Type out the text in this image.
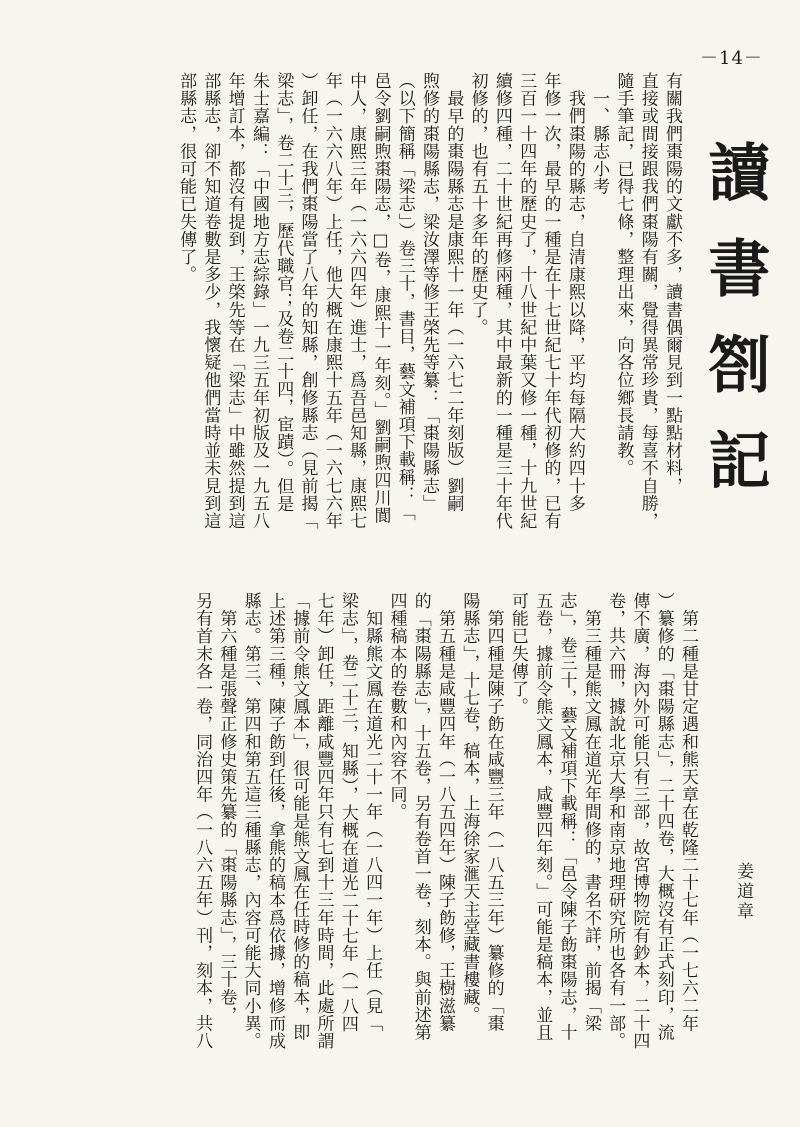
－14－
讀書劄記
姜道章
有關我們棗陽的文獻不多，讀書偶爾見到一點點材料，
直接或間接跟我們棗陽有關，覺得異常珍貴，每喜不自勝，
隨手筆記，已得七條，整理出來，向各位鄉長請教。
　一、縣志小考
　我們棗陽的縣志，自清康熙以降，平均每隔大約四十多
年修一次，最早的一種是在十七世紀七十年代初修的，已有
三百一十四年的歷史了，十八世紀中葉又修一種，十九世紀
續修四種，二十世紀再修兩種，其中最新的一種是三十年代
初修的，也有五十多年的歷史了。
　最早的棗陽縣志是康熙十一年（一六七二年刻版）劉嗣
煦修的棗陽縣志，梁汝澤等修王棨先等纂：「棗陽縣志」
（以下簡稱「梁志」）卷三十，書目，藝文補項下載稱：「
邑令劉嗣煦棗陽志，□卷，康熙十一年刻。」劉嗣煦四川閬
中人，康熙三年（一六六四年）進士，爲吾邑知縣，康熙七
年（一六六八年）上任，他大概在康熙十五年（一六七六年
）卸任，在我們棗陽當了八年的知縣，創修縣志（見前揭「
梁志」，卷二十三，歷代職官；及卷二十四，宦蹟）。但是
朱士嘉編：「中國地方志綜錄」一九三五年初版及一九五八
年增訂本，都沒有提到，王棨先等在「梁志」中雖然提到這
部縣志，卻不知道卷數是多少，我懷疑他們當時並未見到這
部縣志，很可能已失傳了。
　第二種是甘定遇和熊天章在乾隆二十七年（一七六二年
）纂修的「棗陽縣志」，二十四卷，大概沒有正式刻印，流
傳不廣，海內外可能只有三部，故宮博物院有鈔本，二十四
卷，共六冊，據說北京大學和南京地理研究所也各有一部。
　第三種是熊文鳳在道光年間修的，書名不詳，前揭「梁
志」，卷三十，藝文補項下載稱：「邑令陳子飭棗陽志，十
五卷，據前令熊文鳳本，咸豐四年刻。」可能是稿本，並且
可能已失傳了。
　第四種是陳子飭在咸豐三年（一八五三年）纂修的「棗
陽縣志」，十七卷，稿本，上海徐家滙天主堂藏書樓藏。
　第五種是咸豐四年（一八五四年）陳子飭修，王樹滋纂
的「棗陽縣志」，十五卷，另有卷首一卷，刻本。與前述第
四種稿本的卷數和內容不同。
　知縣熊文鳳在道光二十一年（一八四一年）上任（見「
梁志」，卷二十三，知縣），大概在道光二十七年（一八四
七年）卸任，距離咸豐四年只有七到十三年時間，此處所謂
「據前令熊文鳳本」，很可能是熊文鳳在任時修的稿本，即
上述第三種，陳子飭到任後，拿熊的稿本爲依據，增修而成
縣志。第三、第四和第五這三種縣志，內容可能大同小異。
　第六種是張聲正修史策先纂的「棗陽縣志」，三十卷，
另有首末各一卷，同治四年（一八六五年）刊，刻本，共八
